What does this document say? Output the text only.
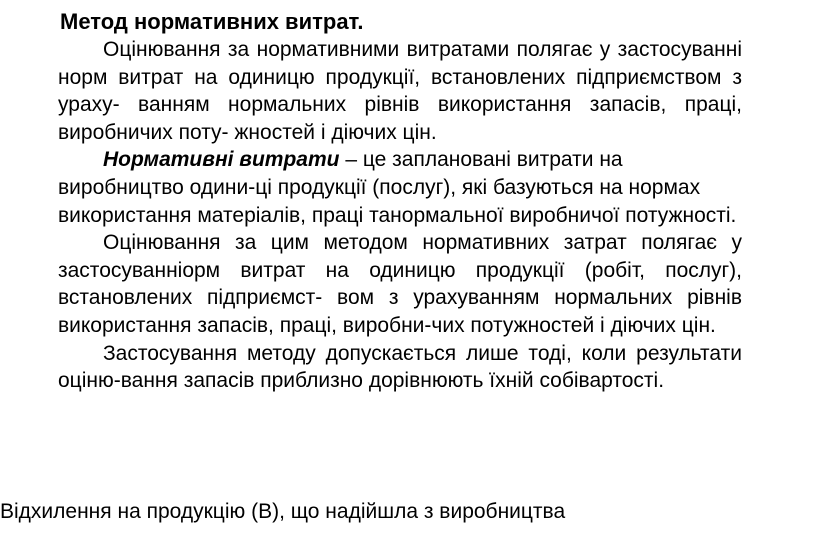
Метод нормативних витрат.

Оцінювання за нормативними витратами полягає у застосуванні норм витрат на одиницю продукції, встановлених підприємством з ураху- ванням нормальних рівнів використання запасів, праці, виробничих поту- жностей і діючих цін.

Нормативні витрати – це заплановані витрати на виробництво одини-ці продукції (послуг), які базуються на нормах використання матеріалів, праці танормальної виробничої потужності.

Оцінювання за цим методом нормативних затрат полягає у застосуванніорм витрат на одиницю продукції (робіт, послуг), встановлених підприємст- вом з урахуванням нормальних рівнів використання запасів, праці, виробни-чих потужностей і діючих цін.

Застосування методу допускається лише тоді, коли результати оціню-вання запасів приблизно дорівнюють їхній собівартості.

Відхилення на продукцію (В), що надійшла з виробництва
